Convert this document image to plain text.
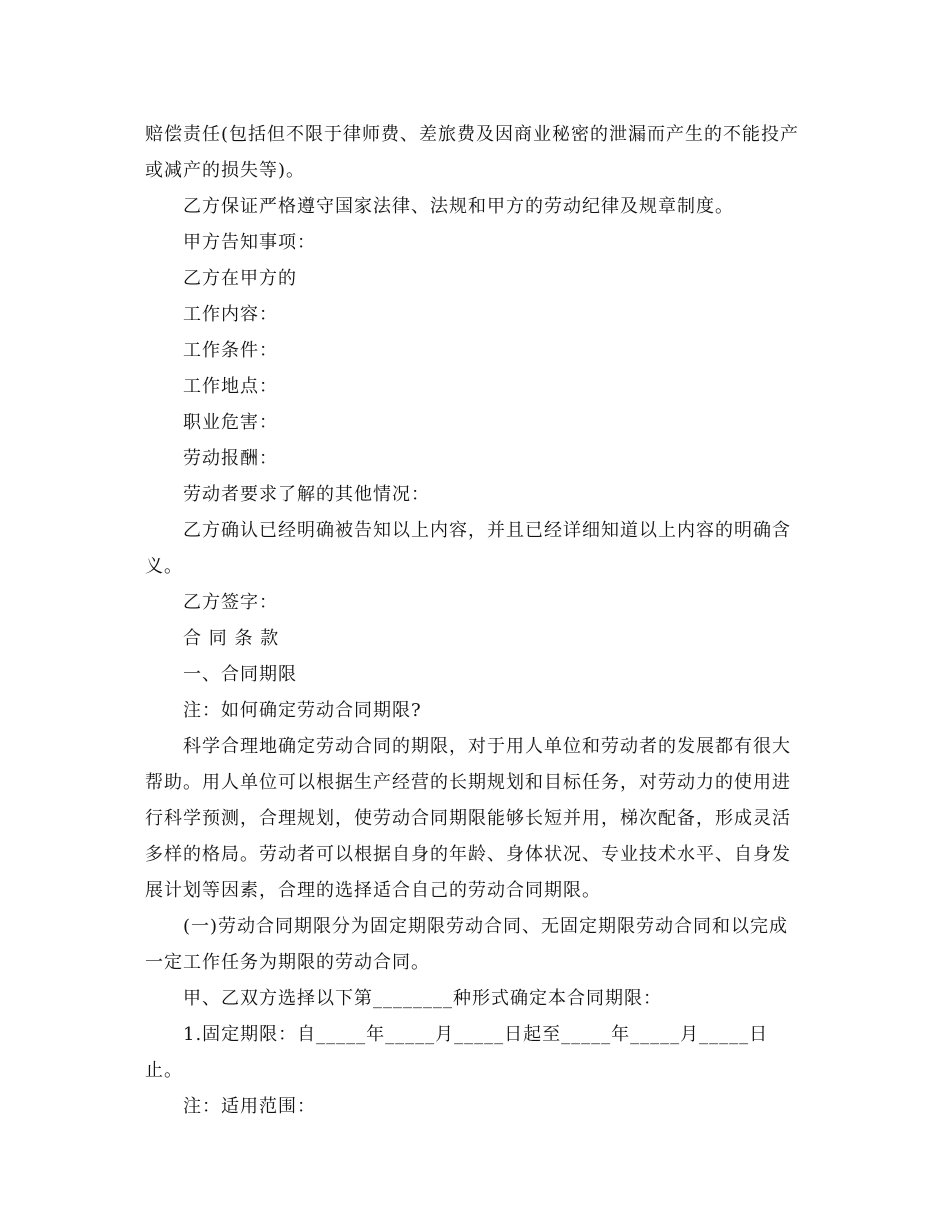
赔偿责任(包括但不限于律师费、差旅费及因商业秘密的泄漏而产生的不能投产或减产的损失等)。

乙方保证严格遵守国家法律、法规和甲方的劳动纪律及规章制度。

甲方告知事项：

乙方在甲方的

工作内容：

工作条件：

工作地点：

职业危害：

劳动报酬：

劳动者要求了解的其他情况：

乙方确认已经明确被告知以上内容，并且已经详细知道以上内容的明确含义。

乙方签字：

合 同 条 款

一、合同期限

注：如何确定劳动合同期限?

科学合理地确定劳动合同的期限，对于用人单位和劳动者的发展都有很大帮助。用人单位可以根据生产经营的长期规划和目标任务，对劳动力的使用进行科学预测，合理规划，使劳动合同期限能够长短并用，梯次配备，形成灵活多样的格局。劳动者可以根据自身的年龄、身体状况、专业技术水平、自身发展计划等因素，合理的选择适合自己的劳动合同期限。

(一)劳动合同期限分为固定期限劳动合同、无固定期限劳动合同和以完成一定工作任务为期限的劳动合同。

甲、乙双方选择以下第________种形式确定本合同期限：

1.固定期限：自_____年_____月_____日起至_____年_____月_____日止。

注：适用范围：
